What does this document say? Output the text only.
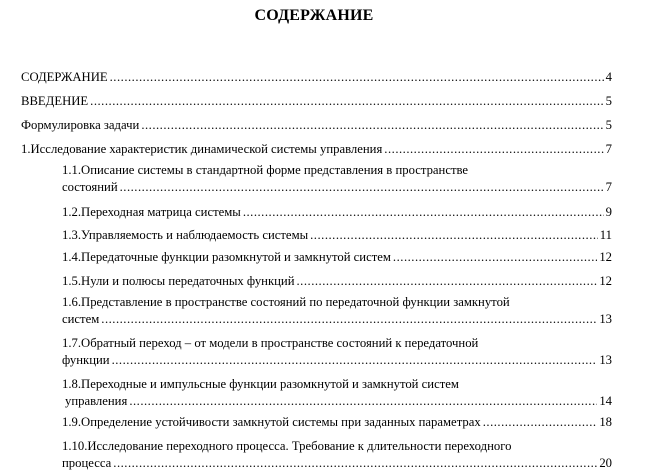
СОДЕРЖАНИЕ
СОДЕРЖАНИЕ .....	4
ВВЕДЕНИЕ .....	5
Формулировка задачи .....	5
1.Исследование характеристик динамической системы управления .....	7
1.1.Описание системы в стандартной форме представления в пространстве
состояний .....	7
1.2.Переходная матрица системы .....	9
1.3.Управляемость и наблюдаемость системы .....	11
1.4.Передаточные функции разомкнутой и замкнутой систем .....	12
1.5.Нули и полюсы передаточных функций .....	12
1.6.Представление в пространстве состояний по передаточной функции замкнутой
систем .....	13
1.7.Обратный переход – от модели в пространстве состояний к передаточной
функции .....	13
1.8.Переходные и импульсные функции разомкнутой и замкнутой систем
управления .....	14
1.9.Определение устойчивости замкнутой системы при заданных параметрах .....	18
1.10.Исследование переходного процесса. Требование к длительности переходного
процесса .....	20
